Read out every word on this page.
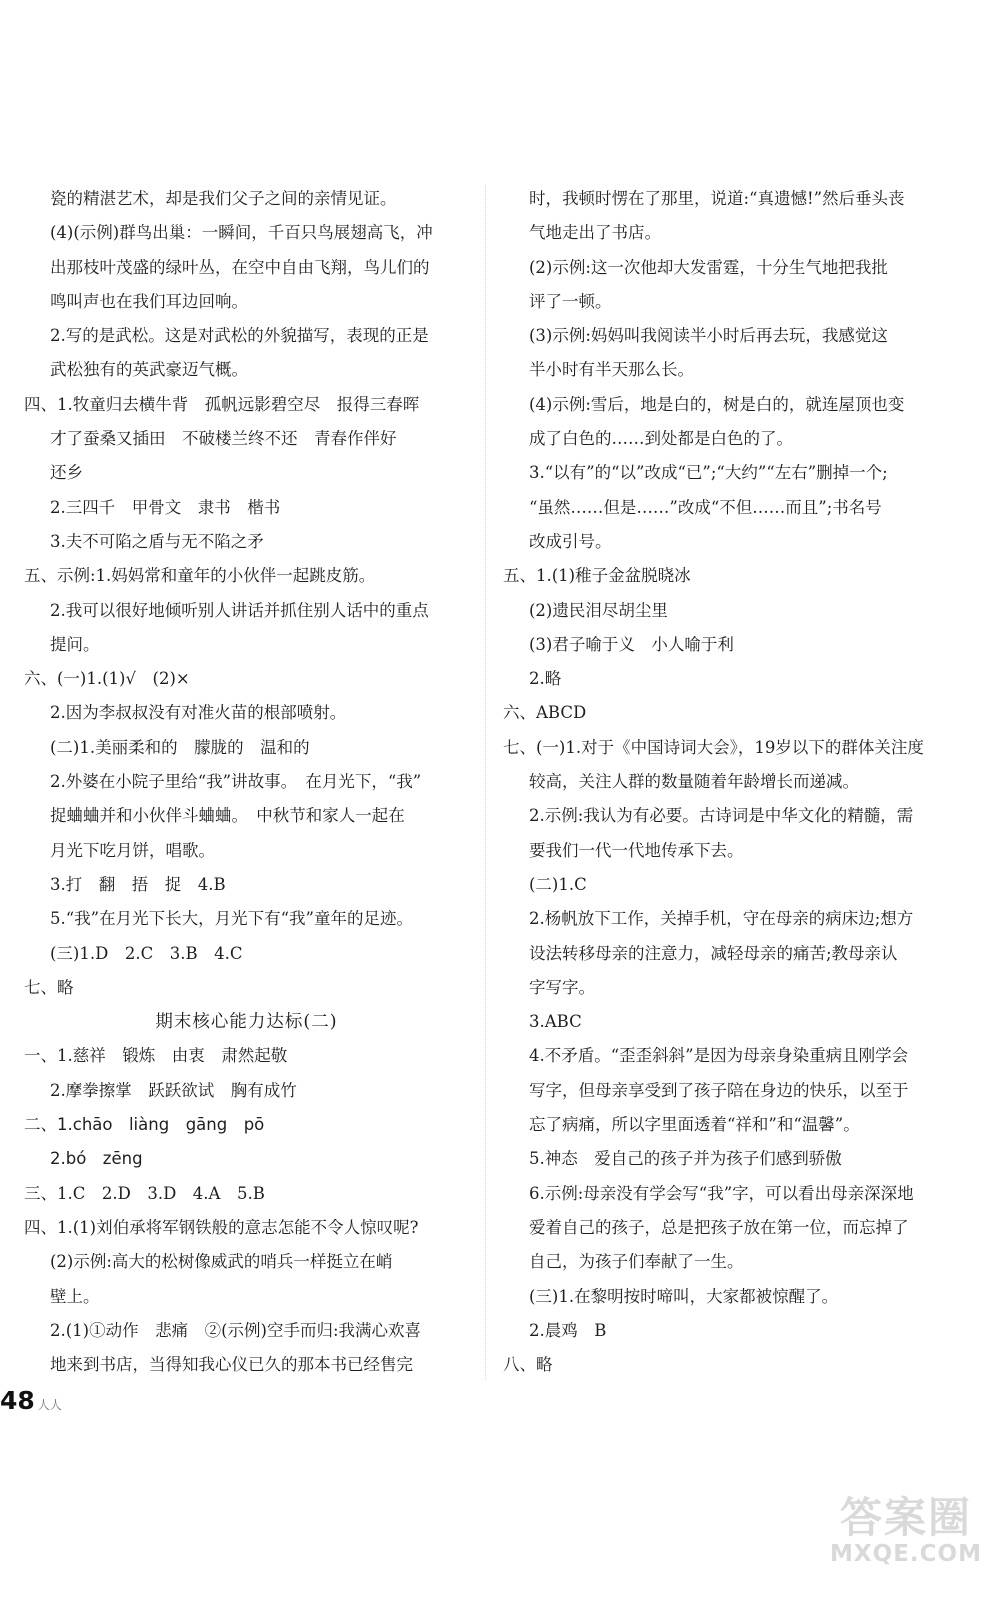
瓷的精湛艺术，却是我们父子之间的亲情见证。
(4)(示例)群鸟出巢：一瞬间，千百只鸟展翅高飞，冲
出那枝叶茂盛的绿叶丛，在空中自由飞翔，鸟儿们的
鸣叫声也在我们耳边回响。
2.写的是武松。这是对武松的外貌描写，表现的正是
武松独有的英武豪迈气概。
四、1.牧童归去横牛背　孤帆远影碧空尽　报得三春晖
才了蚕桑又插田　不破楼兰终不还　青春作伴好
还乡
2.三四千　甲骨文　隶书　楷书
3.夫不可陷之盾与无不陷之矛
五、示例:1.妈妈常和童年的小伙伴一起跳皮筋。
2.我可以很好地倾听别人讲话并抓住别人话中的重点
提问。
六、(一)1.(1)√　(2)×
2.因为李叔叔没有对准火苗的根部喷射。
(二)1.美丽柔和的　朦胧的　温和的
2.外婆在小院子里给“我”讲故事。　在月光下，“我”
捉蛐蛐并和小伙伴斗蛐蛐。　中秋节和家人一起在
月光下吃月饼，唱歌。
3.打　翻　捂　捉　4.B
5.“我”在月光下长大，月光下有“我”童年的足迹。
(三)1.D　2.C　3.B　4.C
七、略
期末核心能力达标(二)
一、1.慈祥　锻炼　由衷　肃然起敬
2.摩拳擦掌　跃跃欲试　胸有成竹
二、1.chāo　liàng　gāng　pō
2.bó　zēng
三、1.C　2.D　3.D　4.A　5.B
四、1.(1)刘伯承将军钢铁般的意志怎能不令人惊叹呢?
(2)示例:高大的松树像威武的哨兵一样挺立在峭
壁上。
2.(1)①动作　悲痛　②(示例)空手而归:我满心欢喜
地来到书店，当得知我心仪已久的那本书已经售完
时，我顿时愣在了那里，说道:“真遗憾!”然后垂头丧
气地走出了书店。
(2)示例:这一次他却大发雷霆，十分生气地把我批
评了一顿。
(3)示例:妈妈叫我阅读半小时后再去玩，我感觉这
半小时有半天那么长。
(4)示例:雪后，地是白的，树是白的，就连屋顶也变
成了白色的……到处都是白色的了。
3.“以有”的“以”改成“已”;“大约”“左右”删掉一个;
“虽然……但是……”改成“不但……而且”;书名号
改成引号。
五、1.(1)稚子金盆脱晓冰
(2)遗民泪尽胡尘里
(3)君子喻于义　小人喻于利
2.略
六、ABCD
七、(一)1.对于《中国诗词大会》，19岁以下的群体关注度
较高，关注人群的数量随着年龄增长而递减。
2.示例:我认为有必要。古诗词是中华文化的精髓，需
要我们一代一代地传承下去。
(二)1.C
2.杨帆放下工作，关掉手机，守在母亲的病床边;想方
设法转移母亲的注意力，减轻母亲的痛苦;教母亲认
字写字。
3.ABC
4.不矛盾。“歪歪斜斜”是因为母亲身染重病且刚学会
写字，但母亲享受到了孩子陪在身边的快乐，以至于
忘了病痛，所以字里面透着“祥和”和“温馨”。
5.神态　爱自己的孩子并为孩子们感到骄傲
6.示例:母亲没有学会写“我”字，可以看出母亲深深地
爱着自己的孩子，总是把孩子放在第一位，而忘掉了
自己，为孩子们奉献了一生。
(三)1.在黎明按时啼叫，大家都被惊醒了。
2.晨鸡　B
八、略
48 人人
答案圈
MXQE.COM
